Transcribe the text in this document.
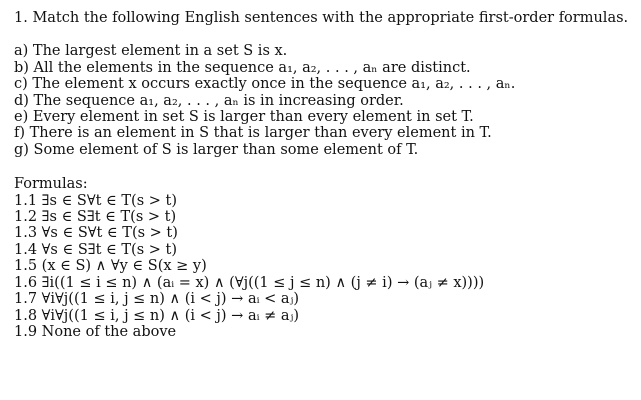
1. Match the following English sentences with the appropriate first-order formulas.
a) The largest element in a set S is x.
b) All the elements in the sequence a₁, a₂, . . . , aₙ are distinct.
c) The element x occurs exactly once in the sequence a₁, a₂, . . . , aₙ.
d) The sequence a₁, a₂, . . . , aₙ is in increasing order.
e) Every element in set S is larger than every element in set T.
f) There is an element in S that is larger than every element in T.
g) Some element of S is larger than some element of T.
Formulas:
1.1 ∃s ∈ S∀t ∈ T(s > t)
1.2 ∃s ∈ S∃t ∈ T(s > t)
1.3 ∀s ∈ S∀t ∈ T(s > t)
1.4 ∀s ∈ S∃t ∈ T(s > t)
1.5 (x ∈ S) ∧ ∀y ∈ S(x ≥ y)
1.6 ∃i((1 ≤ i ≤ n) ∧ (aᵢ = x) ∧ (∀j((1 ≤ j ≤ n) ∧ (j ≠ i) → (aⱼ ≠ x))))
1.7 ∀i∀j((1 ≤ i, j ≤ n) ∧ (i < j) → aᵢ < aⱼ)
1.8 ∀i∀j((1 ≤ i, j ≤ n) ∧ (i < j) → aᵢ ≠ aⱼ)
1.9 None of the above
